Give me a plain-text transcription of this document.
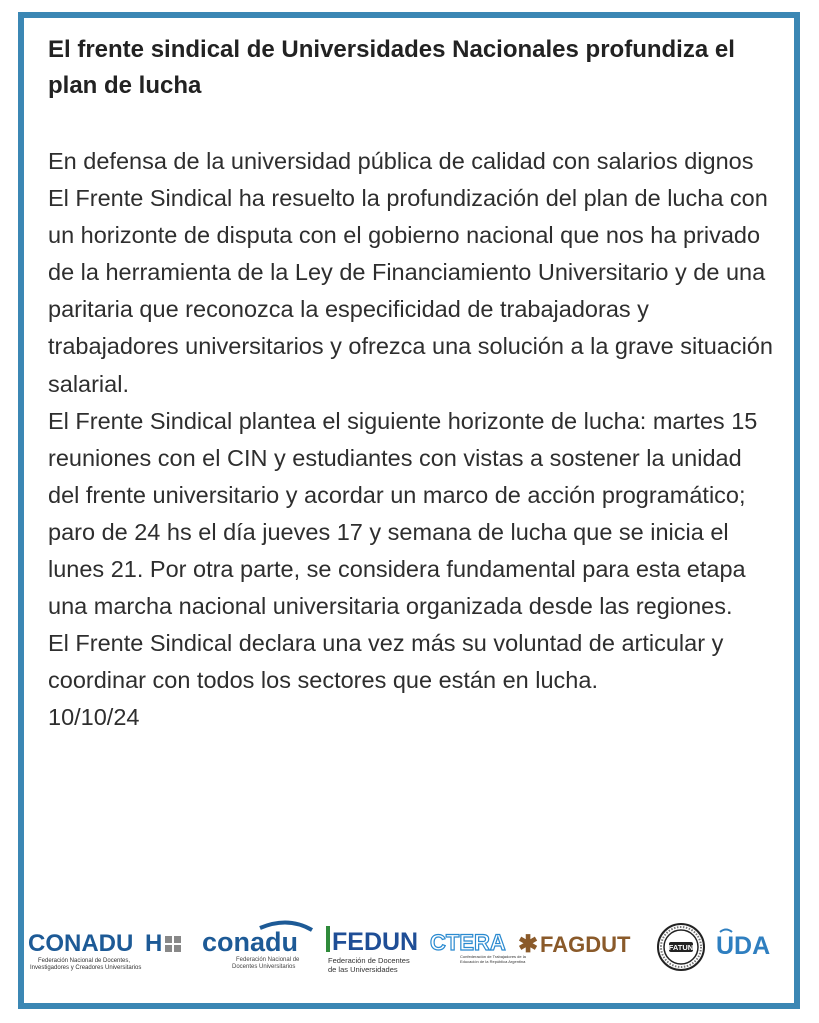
El frente sindical de Universidades Nacionales profundiza el plan de lucha

En defensa de la universidad pública de calidad con salarios dignos

El Frente Sindical ha resuelto la profundización del plan de lucha con un horizonte de disputa con el gobierno nacional que nos ha privado de la herramienta de la Ley de Financiamiento Universitario y de una paritaria que reconozca la especificidad de trabajadoras y trabajadores universitarios y ofrezca una solución a la grave situación salarial.

El Frente Sindical plantea el siguiente horizonte de lucha: martes 15 reuniones con el CIN y estudiantes con vistas a sostener la unidad del frente universitario y acordar un marco de acción programático; paro de 24 hs el día jueves 17 y semana de lucha que se inicia el lunes 21. Por otra parte, se considera fundamental para esta etapa una marcha nacional universitaria organizada desde las regiones.

El Frente Sindical declara una vez más su voluntad de articular y coordinar con todos los sectores que están en lucha.

10/10/24

CONADU H
Federación Nacional de Docentes,
Investigadores y Creadores Universitarios
conadu
Federación Nacional de
Docentes Universitarios
FEDUN
Federación de Docentes
de las Universidades
CTERA
Confederación de Trabajadores de la
Educación de la República Argentina
✱ FAGDUT	FATUN UDA
